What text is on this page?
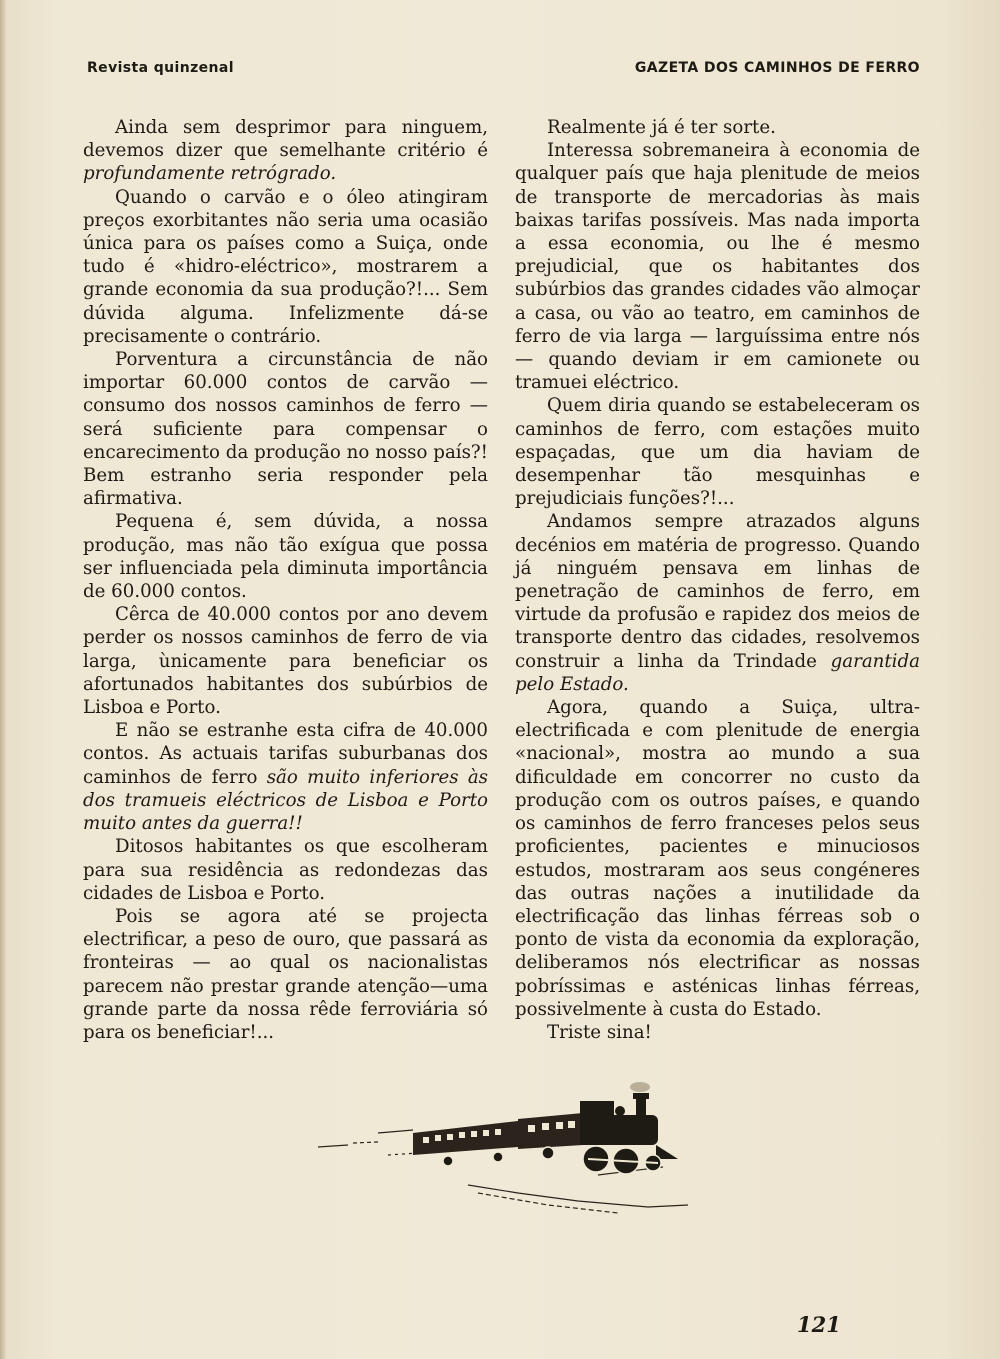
Revista quinzenal	GAZETA DOS CAMINHOS DE FERRO

Ainda sem desprimor para ninguem, devemos dizer que semelhante critério é profundamente retrógrado.

Quando o carvão e o óleo atingiram preços exorbitantes não seria uma ocasião única para os países como a Suiça, onde tudo é «hidro-eléctrico», mostrarem a grande economia da sua produção?!... Sem dúvida alguma. Infelizmente dá-se precisamente o contrário.

Porventura a circunstância de não importar 60.000 contos de carvão — consumo dos nossos caminhos de ferro — será suficiente para compensar o encarecimento da produção no nosso país?! Bem estranho seria responder pela afirmativa.

Pequena é, sem dúvida, a nossa produção, mas não tão exígua que possa ser influenciada pela diminuta importância de 60.000 contos.

Cêrca de 40.000 contos por ano devem perder os nossos caminhos de ferro de via larga, ùnicamente para beneficiar os afortunados habitantes dos subúrbios de Lisboa e Porto.

E não se estranhe esta cifra de 40.000 contos. As actuais tarifas suburbanas dos caminhos de ferro são muito inferiores às dos tramueis eléctricos de Lisboa e Porto muito antes da guerra!!

Ditosos habitantes os que escolheram para sua residência as redondezas das cidades de Lisboa e Porto.

Pois se agora até se projecta electrificar, a peso de ouro, que passará as fronteiras — ao qual os nacionalistas parecem não prestar grande atenção—uma grande parte da nossa rêde ferroviária só para os beneficiar!...

Realmente já é ter sorte.

Interessa sobremaneira à economia de qualquer país que haja plenitude de meios de transporte de mercadorias às mais baixas tarifas possíveis. Mas nada importa a essa economia, ou lhe é mesmo prejudicial, que os habitantes dos subúrbios das grandes cidades vão almoçar a casa, ou vão ao teatro, em caminhos de ferro de via larga — larguíssima entre nós — quando deviam ir em camionete ou tramuei eléctrico.

Quem diria quando se estabeleceram os caminhos de ferro, com estações muito espaçadas, que um dia haviam de desempenhar tão mesquinhas e prejudiciais funções?!...

Andamos sempre atrazados alguns decénios em matéria de progresso. Quando já ninguém pensava em linhas de penetração de caminhos de ferro, em virtude da profusão e rapidez dos meios de transporte dentro das cidades, resolvemos construir a linha da Trindade garantida pelo Estado.

Agora, quando a Suiça, ultra-electrificada e com plenitude de energia «nacional», mostra ao mundo a sua dificuldade em concorrer no custo da produção com os outros países, e quando os caminhos de ferro franceses pelos seus proficientes, pacientes e minuciosos estudos, mostraram aos seus congéneres das outras nações a inutilidade da electrificação das linhas férreas sob o ponto de vista da economia da exploração, deliberamos nós electrificar as nossas pobríssimas e asténicas linhas férreas, possivelmente à custa do Estado.

Triste sina!

121
